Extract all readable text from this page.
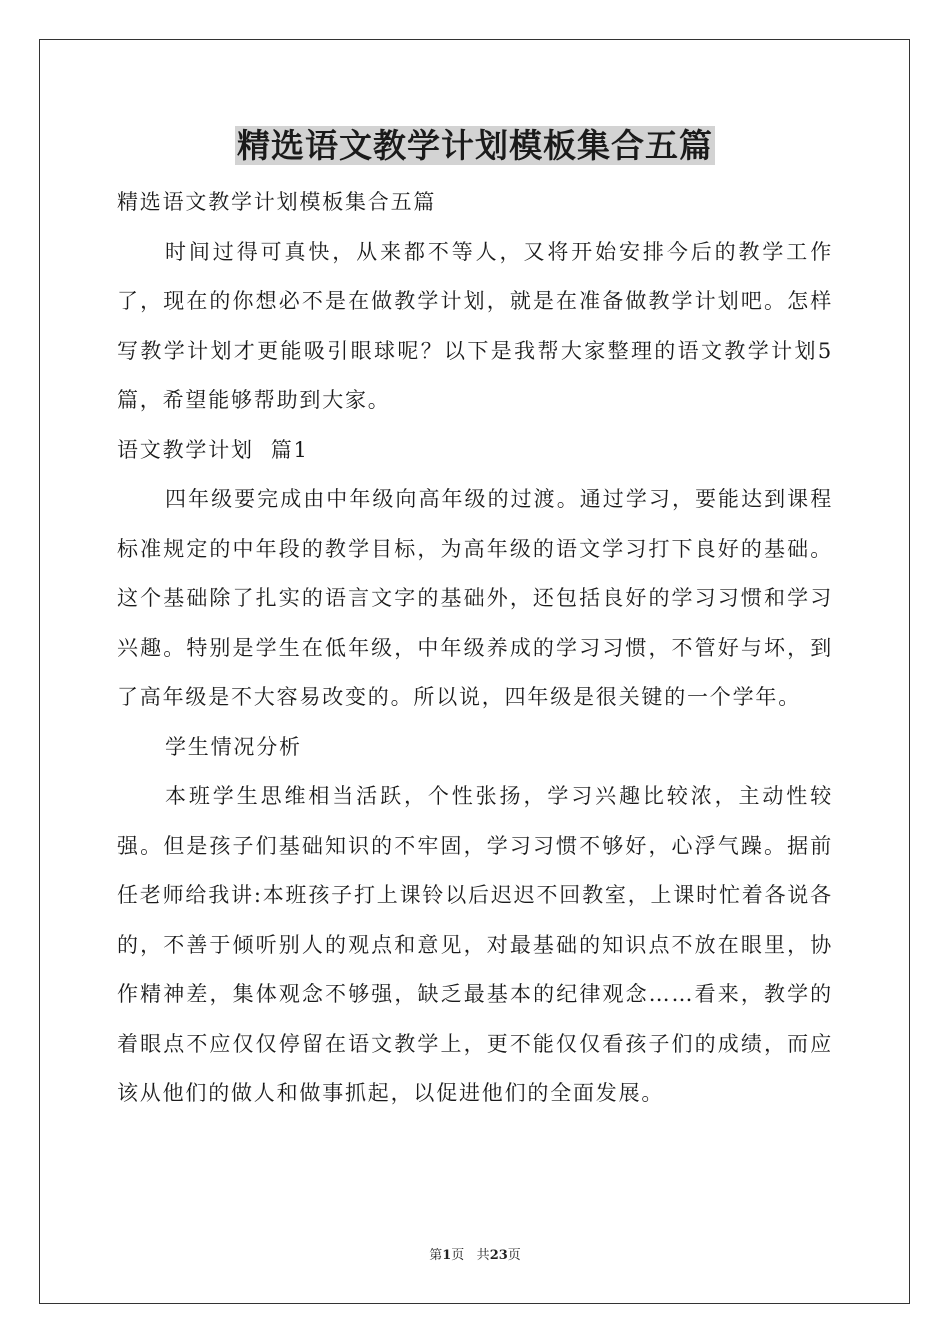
精选语文教学计划模板集合五篇

精选语文教学计划模板集合五篇

时间过得可真快，从来都不等人，又将开始安排今后的教学工作了，现在的你想必不是在做教学计划，就是在准备做教学计划吧。怎样写教学计划才更能吸引眼球呢？以下是我帮大家整理的语文教学计划5篇，希望能够帮助到大家。

语文教学计划  篇1

四年级要完成由中年级向高年级的过渡。通过学习，要能达到课程标准规定的中年段的教学目标，为高年级的语文学习打下良好的基础。这个基础除了扎实的语言文字的基础外，还包括良好的学习习惯和学习兴趣。特别是学生在低年级，中年级养成的学习习惯，不管好与坏，到了高年级是不大容易改变的。所以说，四年级是很关键的一个学年。

学生情况分析

本班学生思维相当活跃，个性张扬，学习兴趣比较浓，主动性较强。但是孩子们基础知识的不牢固，学习习惯不够好，心浮气躁。据前任老师给我讲:本班孩子打上课铃以后迟迟不回教室，上课时忙着各说各的，不善于倾听别人的观点和意见，对最基础的知识点不放在眼里，协作精神差，集体观念不够强，缺乏最基本的纪律观念……看来，教学的着眼点不应仅仅停留在语文教学上，更不能仅仅看孩子们的成绩，而应该从他们的做人和做事抓起，以促进他们的全面发展。

第1页 共23页
